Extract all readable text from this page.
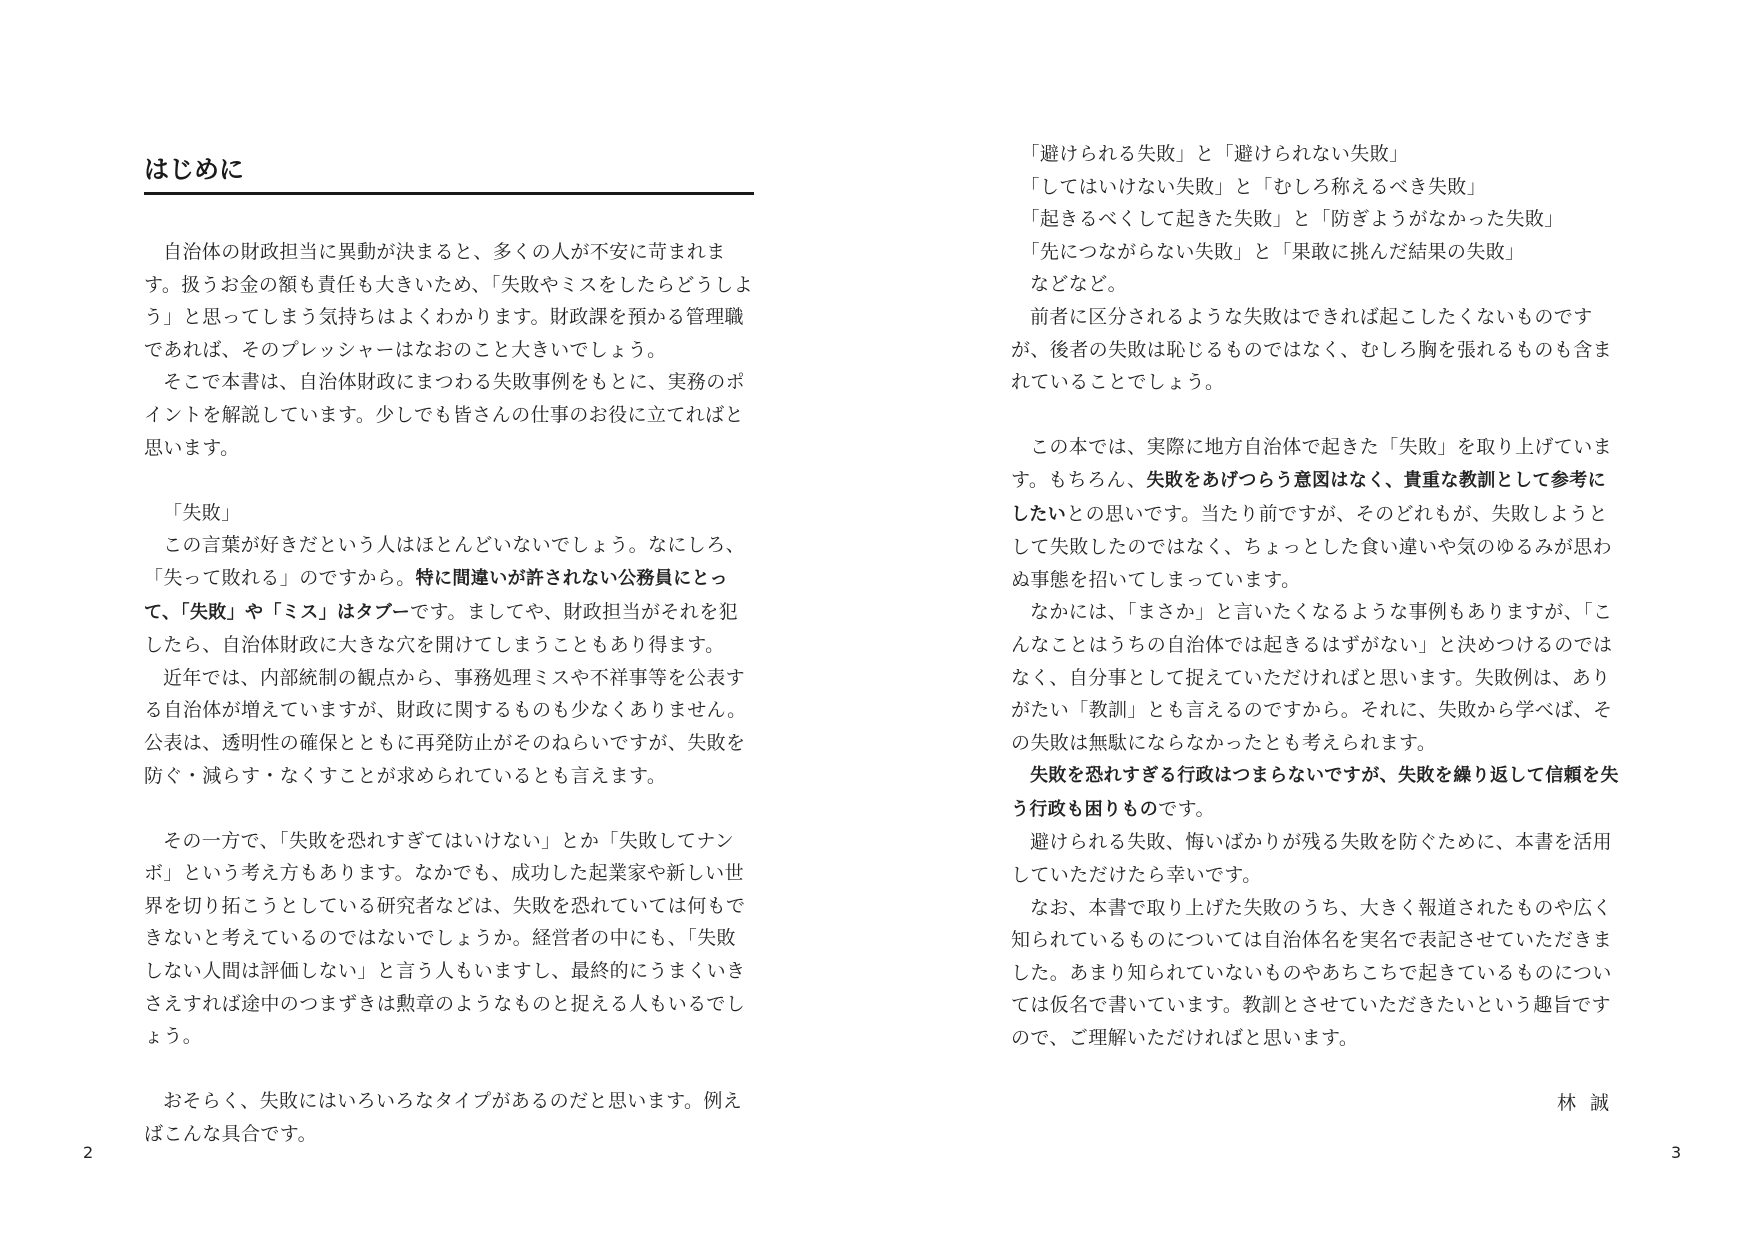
はじめに

自治体の財政担当に異動が決まると、多くの人が不安に苛まれます。扱うお金の額も責任も大きいため、「失敗やミスをしたらどうしよう」と思ってしまう気持ちはよくわかります。財政課を預かる管理職であれば、そのプレッシャーはなおのこと大きいでしょう。

そこで本書は、自治体財政にまつわる失敗事例をもとに、実務のポイントを解説しています。少しでも皆さんの仕事のお役に立てればと思います。

「失敗」

この言葉が好きだという人はほとんどいないでしょう。なにしろ、「失って敗れる」のですから。特に間違いが許されない公務員にとって、「失敗」や「ミス」はタブーです。ましてや、財政担当がそれを犯したら、自治体財政に大きな穴を開けてしまうこともあり得ます。

近年では、内部統制の観点から、事務処理ミスや不祥事等を公表する自治体が増えていますが、財政に関するものも少なくありません。公表は、透明性の確保とともに再発防止がそのねらいですが、失敗を防ぐ・減らす・なくすことが求められているとも言えます。

その一方で、「失敗を恐れすぎてはいけない」とか「失敗してナンボ」という考え方もあります。なかでも、成功した起業家や新しい世界を切り拓こうとしている研究者などは、失敗を恐れていては何もできないと考えているのではないでしょうか。経営者の中にも、「失敗しない人間は評価しない」と言う人もいますし、最終的にうまくいきさえすれば途中のつまずきは勲章のようなものと捉える人もいるでしょう。

おそらく、失敗にはいろいろなタイプがあるのだと思います。例えばこんな具合です。

2

「避けられる失敗」と「避けられない失敗」

「してはいけない失敗」と「むしろ称えるべき失敗」

「起きるべくして起きた失敗」と「防ぎようがなかった失敗」

「先につながらない失敗」と「果敢に挑んだ結果の失敗」

などなど。

前者に区分されるような失敗はできれば起こしたくないものですが、後者の失敗は恥じるものではなく、むしろ胸を張れるものも含まれていることでしょう。

この本では、実際に地方自治体で起きた「失敗」を取り上げています。もちろん、失敗をあげつらう意図はなく、貴重な教訓として参考にしたいとの思いです。当たり前ですが、そのどれもが、失敗しようとして失敗したのではなく、ちょっとした食い違いや気のゆるみが思わぬ事態を招いてしまっています。

なかには、「まさか」と言いたくなるような事例もありますが、「こんなことはうちの自治体では起きるはずがない」と決めつけるのではなく、自分事として捉えていただければと思います。失敗例は、ありがたい「教訓」とも言えるのですから。それに、失敗から学べば、その失敗は無駄にならなかったとも考えられます。

失敗を恐れすぎる行政はつまらないですが、失敗を繰り返して信頼を失う行政も困りものです。

避けられる失敗、悔いばかりが残る失敗を防ぐために、本書を活用していただけたら幸いです。

なお、本書で取り上げた失敗のうち、大きく報道されたものや広く知られているものについては自治体名を実名で表記させていただきました。あまり知られていないものやあちこちで起きているものについては仮名で書いています。教訓とさせていただきたいという趣旨ですので、ご理解いただければと思います。

林 誠

3
